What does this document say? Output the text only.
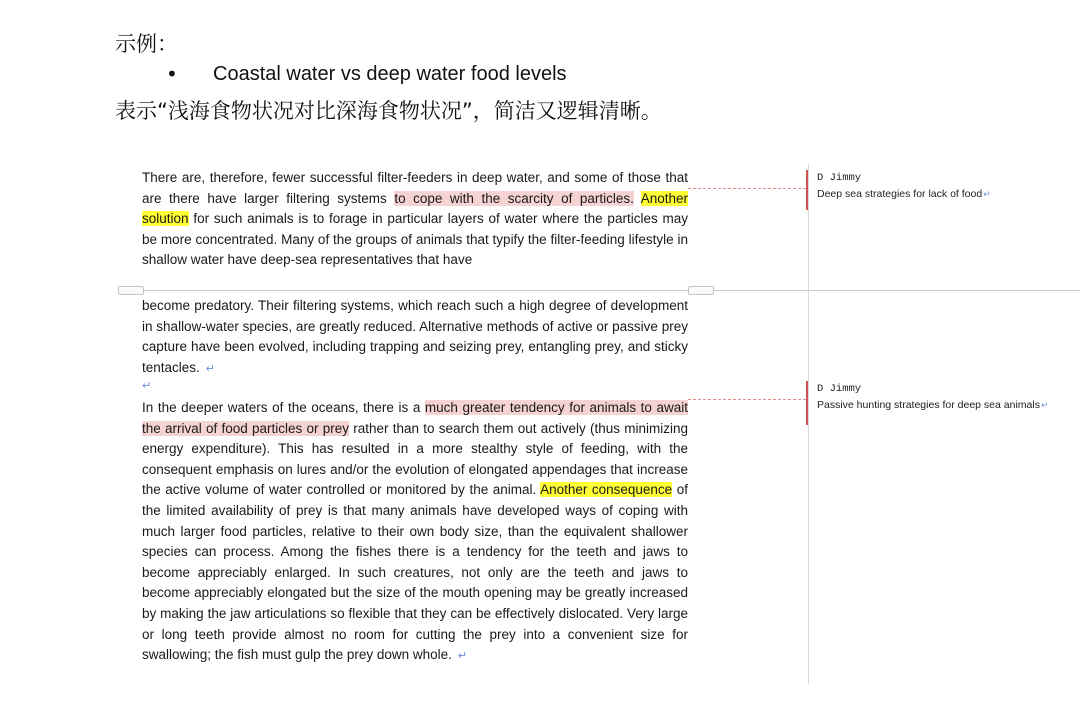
示例：
• Coastal water vs deep water food levels
表示“浅海食物状况对比深海食物状况”，简洁又逻辑清晰。

There are, therefore, fewer successful filter-feeders in deep water, and some of those that are there have larger filtering systems to cope with the scarcity of particles. Another solution for such animals is to forage in particular layers of water where the particles may be more concentrated. Many of the groups of animals that typify the filter-feeding lifestyle in shallow water have deep-sea representatives that have

become predatory. Their filtering systems, which reach such a high degree of development in shallow-water species, are greatly reduced. Alternative methods of active or passive prey capture have been evolved, including trapping and seizing prey, entangling prey, and sticky tentacles. ↵

↵

In the deeper waters of the oceans, there is a much greater tendency for animals to await the arrival of food particles or prey rather than to search them out actively (thus minimizing energy expenditure). This has resulted in a more stealthy style of feeding, with the consequent emphasis on lures and/or the evolution of elongated appendages that increase the active volume of water controlled or monitored by the animal. Another consequence of the limited availability of prey is that many animals have developed ways of coping with much larger food particles, relative to their own body size, than the equivalent shallower species can process. Among the fishes there is a tendency for the teeth and jaws to become appreciably enlarged. In such creatures, not only are the teeth and jaws to become appreciably elongated but the size of the mouth opening may be greatly increased by making the jaw articulations so flexible that they can be effectively dislocated. Very large or long teeth provide almost no room for cutting the prey into a convenient size for swallowing; the fish must gulp the prey down whole. ↵

D Jimmy
Deep sea strategies for lack of food↵
D Jimmy
Passive hunting strategies for deep sea animals↵
